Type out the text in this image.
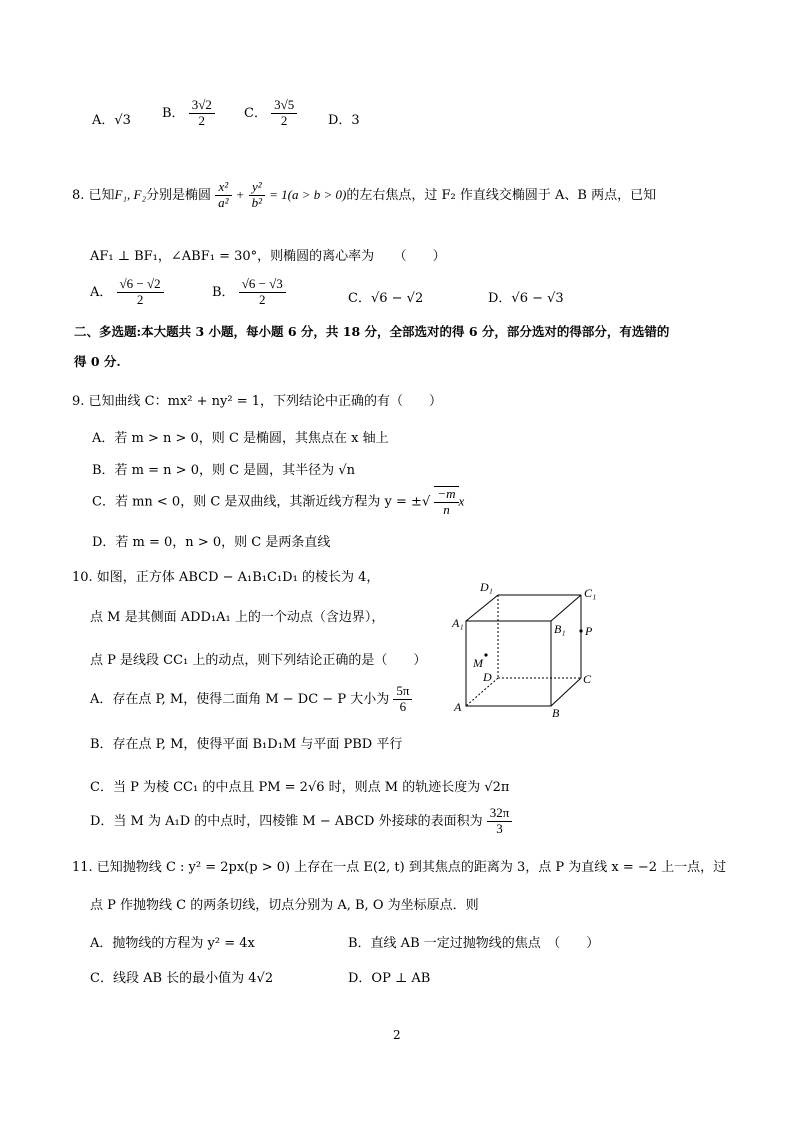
A．√3 B． $\frac{3√2}{2}$ C． $\frac{3√5}{2}$ D．3
8. 已知F₁, F₂分别是椭圆 $\frac{\text{x²}}{\text{a²}} + \frac{\text{y²}}{\text{b²}} = 1(a > b > 0)$的左右焦点，过 F₂ 作直线交椭圆于 A、B 两点，已知
AF₁ ⊥ BF₁，∠ABF₁ = 30°，则椭圆的离心率为　　（　　）
A． $\frac{√6 - √2}{2}$	B． $\frac{√6 - √3}{2}$	C．√6 − √2	D．√6 − √3
二、多选题:本大题共 3 小题，每小题 6 分，共 18 分，全部选对的得 6 分，部分选对的得部分，有选错的
得 0 分.
9. 已知曲线 C：mx² + ny² = 1，下列结论中正确的有（　　）
A．若 m > n > 0，则 C 是椭圆，其焦点在 x 轴上
B．若 m = n > 0，则 C 是圆，其半径为 √n
C．若 mn < 0，则 C 是双曲线，其渐近线方程为 y = ±√ $\frac{-m}{n}$ x
D．若 m = 0，n > 0，则 C 是两条直线
10. 如图，正方体 ABCD − A₁B₁C₁D₁ 的棱长为 4，
点 M 是其侧面 ADD₁A₁ 上的一个动点（含边界），
点 P 是线段 CC₁ 上的动点，则下列结论正确的是（　　）
A．存在点 P, M，使得二面角 M − DC − P 大小为 $\frac{5\pi}{6}$
B．存在点 P, M，使得平面 B₁D₁M 与平面 PBD 平行
C．当 P 为棱 CC₁ 的中点且 PM = 2√6 时，则点 M 的轨迹长度为 √2π
D．当 M 为 A₁D 的中点时，四棱锥 M − ABCD 外接球的表面积为 $\frac{32\pi}{3}$
D₁	C₁
A₁	B₁ P
M
D	C
A	B
11. 已知抛物线 C : y² = 2px(p > 0) 上存在一点 E(2, t) 到其焦点的距离为 3，点 P 为直线 x = −2 上一点，过
点 P 作抛物线 C 的两条切线，切点分别为 A, B, O 为坐标原点．则
A．抛物线的方程为 y² = 4x	B．直线 AB 一定过抛物线的焦点　（　　）
C．线段 AB 长的最小值为 4√2	D．OP ⊥ AB
2
